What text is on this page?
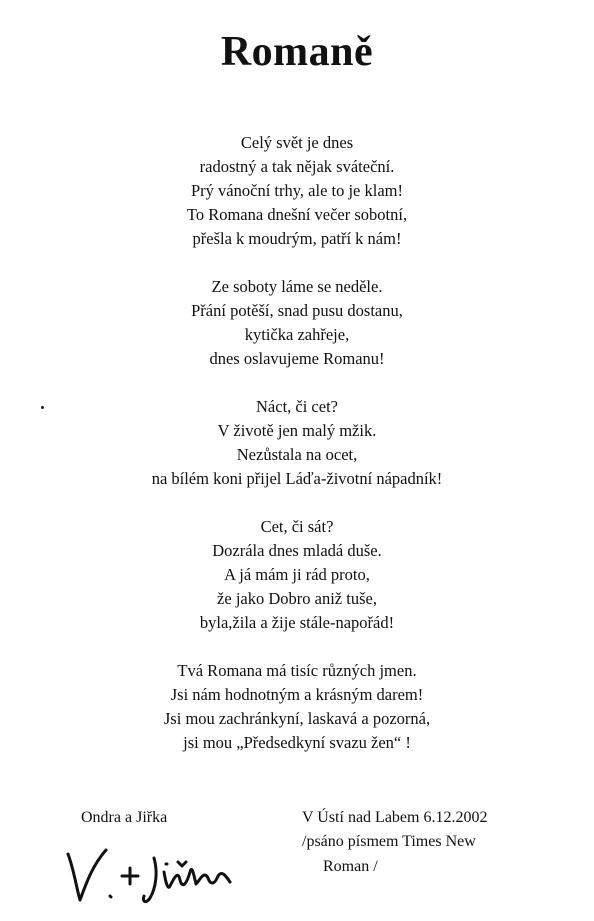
Romaně
Celý svět je dnes
radostný a tak nějak sváteční.
Prý vánoční trhy, ale to je klam!
To Romana dnešní večer sobotní,
přešla k moudrým, patří k nám!
Ze soboty láme se neděle.
Přání potěší, snad pusu dostanu,
kytička zahřeje,
dnes oslavujeme Romanu!
Náct, či cet?
V životě jen malý mžik.
Nezůstala na ocet,
na bílém koni přijel Láďa-životní nápadník!
Cet, či sát?
Dozrála dnes mladá duše.
A já mám ji rád proto,
že jako Dobro aniž tuše,
byla,žila a žije stále-napořád!
Tvá Romana má tisíc různých jmen.
Jsi nám hodnotným a krásným darem!
Jsi mou zachránkyní, laskavá a pozorná,
jsi mou „Předsedkyní svazu žen“ !
Ondra a Jiřka	V Ústí nad Labem 6.12.2002
/psáno písmem Times New
Roman /
